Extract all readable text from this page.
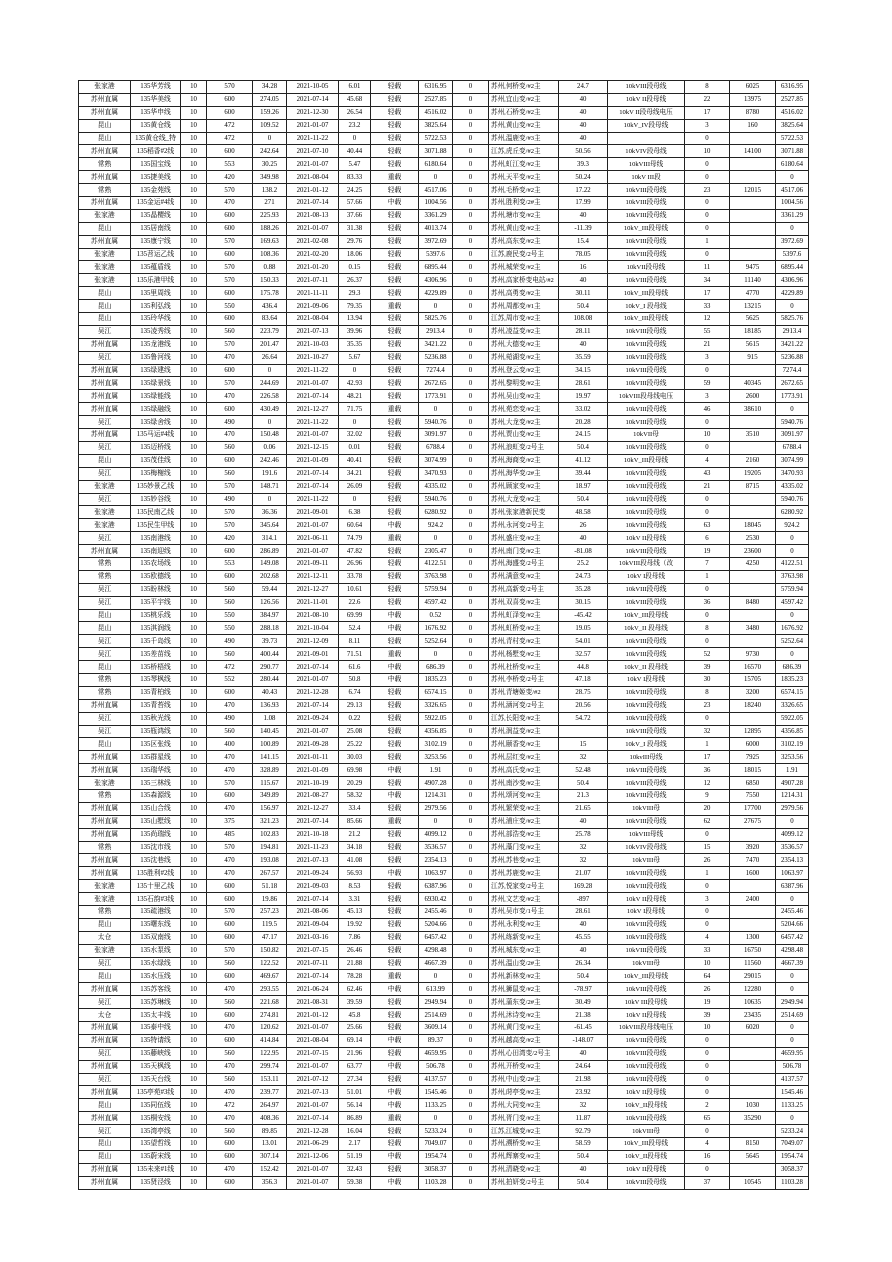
张家港	135华芳线	10	570	34.28	2021-10-05	6.01	轻载	6316.95	0	苏州,何桥变/#2主	24.7	10kVIII段母线	8	6025	6316.95
苏州直属	135华美线	10	600	274.05	2021-07-14	45.68	轻载	2527.85	0	苏州,宜山变/#2主	40	10kV II段母线	22	13975	2527.85
苏州直属	135华申线	10	600	159.26	2021-12-30	26.54	轻载	4516.02	0	苏州,石桥变/#2主	40	10kV II段母线电压	17	8780	4516.02
昆山	135黄仓线	10	472	109.52	2021-01-07	23.2	轻载	3825.64	0	苏州,黄山变/#2主	40	10kV_IV段母线	3	160	3825.64
昆山	135黄仓线_特	10	472	0	2021-11-22	0	轻载	5722.53	0	苏州,温鹿变/#3主	40		0		5722.53
苏州直属	135稻香#2线	10	600	242.64	2021-07-10	40.44	轻载	3071.88	0	江苏,虎丘变/#2主	50.56	10kVIV段母线	10	14100	3071.88
常熟	135国宝线	10	553	30.25	2021-01-07	5.47	轻载	6180.64	0	苏州,虹江变/#2主	39.3	10kVIII母线	0		6180.64
苏州直属	135捷美线	10	420	349.98	2021-08-04	83.33	重载	0	0	苏州,天平变/#2主	50.24	10kV III段	0		0
常熟	135金苑线	10	570	138.2	2021-01-12	24.25	轻载	4517.06	0	苏州,毛桥变/#2主	17.22	10kVIII段母线	23	12015	4517.06
苏州直属	135金运#4线	10	470	271	2021-07-14	57.66	中载	1004.56	0	苏州,胜利变/2#主	17.99	10kVIII段母线	0		1004.56
张家港	135晶樱线	10	600	225.93	2021-08-13	37.66	轻载	3361.29	0	苏州,塘市变/#2主	40	10kVIII段母线	0		3361.29
昆山	135居南线	10	600	188.26	2021-01-07	31.38	轻载	4013.74	0	苏州,黄山变/#2主	-11.39	10kV_III段母线	0		0
苏州直属	135康宁线	10	570	169.63	2021-02-08	29.76	轻载	3972.69	0	苏州,高东变/#2主	15.4	10kVIII段母线	1		3972.69
张家港	135苕运乙线	10	600	108.36	2021-02-20	18.06	轻载	5397.6	0	江苏,鹿民变/2号主	78.05	10kVIII段母线	0		5397.6
张家港	135蕴盾线	10	570	0.88	2021-01-20	0.15	轻载	6895.44	0	苏州,城荣变/#2主	16	10kVII段母线	11	9475	6895.44
张家港	135乐港甲线	10	570	150.33	2021-07-11	26.37	轻载	4306.96	0	苏州,高家桥变电站/#2	40	10kVIII段母线	34	11140	4306.96
昆山	135里周线	10	600	175.78	2021-11-11	29.3	轻载	4229.89	0	苏州,高勇变/#2主	30.11	10kV_III段母线	17	4770	4229.89
昆山	135利弘线	10	550	436.4	2021-09-06	79.35	重载	0	0	苏州,周都变/#1主	50.4	10kV_I 段母线	33	13215	0
昆山	135玲华线	10	600	83.64	2021-08-04	13.94	轻载	5825.76	0	江苏,周市变/#2主	108.08	10kV_III段母线	12	5625	5825.76
吴江	135凌秀线	10	560	223.79	2021-07-13	39.96	轻载	2913.4	0	苏州,凌益变/#2主	28.11	10kVIII段母线	55	18185	2913.4
苏州直属	135龙港线	10	570	201.47	2021-10-03	35.35	轻载	3421.22	0	苏州,大德变/#2主	40	10kVIII段母线	21	5615	3421.22
吴江	135鲁河线	10	470	26.64	2021-10-27	5.67	轻载	5236.88	0	苏州,菀湖变/#2主	35.59	10kVIII段母线	3	915	5236.88
苏州直属	135绿建线	10	600	0	2021-11-22	0	轻载	7274.4	0	苏州,登云变/#2主	34.15	10kVIII段母线	0		7274.4
苏州直属	135绿景线	10	570	244.69	2021-01-07	42.93	轻载	2672.65	0	苏州,黎明变/#2主	28.61	10kVIII段母线	59	40345	2672.65
苏州直属	135绿能线	10	470	226.58	2021-07-14	48.21	轻载	1773.91	0	苏州,吴山变/#2主	19.97	10kVIII段母线电压	3	2600	1773.91
苏州直属	135绿融线	10	600	430.49	2021-12-27	71.75	重载	0	0	苏州,苑恋变/#2主	33.02	10kVIII段母线	46	38610	0
吴江	135绿舍线	10	490	0	2021-11-22	0	轻载	5940.76	0	苏州,大龙变/#2主	20.28	10kVIII段母线	0		5940.76
苏州直属	135马运#4线	10	470	150.48	2021-01-07	32.02	轻载	3091.97	0	苏州,贾山变/#2主	24.15	10kVII母	10	3510	3091.97
吴江	135迈桥线	10	560	0.06	2021-12-15	0.01	轻载	6788.4	0	苏州,浪虹变/2号主	50.4	10kVIII段母线	0		6788.4
昆山	135茂佳线	10	600	242.46	2021-01-09	40.41	轻载	3074.99	0	苏州,海商变/#2主	41.12	10kV_III段母线	4	2160	3074.99
吴江	135梅榭线	10	560	191.6	2021-07-14	34.21	轻载	3470.93	0	苏州,海华变/2#主	39.44	10kVIII段母线	43	19205	3470.93
张家港	135妙景乙线	10	570	148.71	2021-07-14	26.09	轻载	4335.02	0	苏州,顾家变/#2主	18.97	10kVIII段母线	21	8715	4335.02
吴江	135妙谷线	10	490	0	2021-11-22	0	轻载	5940.76	0	苏州,大龙变/#2主	50.4	10kVIII段母线	0		5940.76
张家港	135民南乙线	10	570	36.36	2021-09-01	6.38	轻载	6280.92	0	苏州,张家港新民变	48.58	10kVIII段母线	0		6280.92
张家港	135民生甲线	10	570	345.64	2021-01-07	60.64	中载	924.2	0	苏州,永河变/2号主	26	10kVIII段母线	63	18045	924.2
吴江	135南港线	10	420	314.1	2021-06-11	74.79	重载	0	0	苏州,盛庄变/#2主	40	10kV II段母线	6	2530	0
苏州直属	135南迎线	10	600	286.89	2021-01-07	47.82	轻载	2305.47	0	苏州,南门变/#2主	-81.08	10kVIII段母线	19	23600	0
常熟	135农场线	10	553	149.08	2021-09-11	26.96	轻载	4122.51	0	苏州,海盛变/2号主	25.2	10kVIII段母线（改	7	4250	4122.51
常熟	135欧德线	10	600	202.68	2021-12-11	33.78	轻载	3763.98	0	苏州,满意变/#2主	24.73	10kV I段母线	1		3763.98
吴江	135盼林线	10	560	59.44	2021-12-27	10.61	轻载	5759.94	0	苏州,高新变/2号主	35.28	10kVIII段母线	0		5759.94
吴江	135平宇线	10	560	126.56	2021-11-01	22.6	轻载	4597.42	0	苏州,双喜变/#2主	30.15	10kVIII段母线	36	8480	4597.42
昆山	135桃乐线	10	550	384.97	2021-08-10	69.99	中载	0.52	0	苏州,虹泽变/#2主	-45.42	10kV_III段母线	0		0
昆山	135淇润线	10	550	288.18	2021-10-04	52.4	中载	1676.92	0	苏州,虹桥变/#2主	19.05	10kV_II 段母线	8	3480	1676.92
吴江	135千岛线	10	490	39.73	2021-12-09	8.11	轻载	5252.64	0	苏州,青村变/#2主	54.01	10kVIII段母线	0		5252.64
吴江	135差苗线	10	560	400.44	2021-09-01	71.51	重载	0	0	苏州,杨墅变/#2主	32.57	10kVIII段母线	52	9730	0
昆山	135桥梧线	10	472	290.77	2021-07-14	61.6	中载	686.39	0	苏州,杜桥变/#2主	44.8	10kV_II 段母线	39	16570	686.39
常熟	135琴枫线	10	552	280.44	2021-01-07	50.8	中载	1835.23	0	苏州,李桥变/2号主	47.18	10kV I段母线	30	15705	1835.23
常熟	135青柏线	10	600	40.43	2021-12-28	6.74	轻载	6574.15	0	苏州,青塘姬变/#2	28.75	10kVIII段母线	8	3200	6574.15
苏州直属	135青苔线	10	470	136.93	2021-07-14	29.13	轻载	3326.65	0	苏州,涵河变/2号主	20.56	10kVIII段母线	23	18240	3326.65
吴江	135秋光线	10	490	1.08	2021-09-24	0.22	轻载	5922.05	0	江苏,长阳变/#2主	54.72	10kVIII段母线	0		5922.05
吴江	135瓶鸿线	10	560	140.45	2021-01-07	25.08	轻载	4356.85	0	苏州,润益变/#2主		10kVIII段母线	32	12895	4356.85
昆山	135区张线	10	400	100.89	2021-09-28	25.22	轻载	3102.19	0	苏州,颐香变/#2主	15	10kV_I 段母线	1	6000	3102.19
苏州直属	135群星线	10	470	141.15	2021-01-11	30.03	轻载	3253.56	0	苏州,层红变/#2主	32	10kvIII母线	17	7925	3253.56
苏州直属	135瑞华线	10	470	328.89	2021-01-09	69.98	中载	1.91	0	苏州,高氏变/#2主	52.48	10kVIII段母线	36	18015	1.91
张家港	135三林线	10	570	115.67	2021-10-19	20.29	轻载	4907.28	0	苏州,南沙变/#2主	50.4	10kVIII段母线	12	6850	4907.28
常熟	135森源线	10	600	349.89	2021-08-27	58.32	中载	1214.31	0	苏州,颂河变/#2主	21.3	10kVIII段母线	9	7550	1214.31
苏州直属	135山合线	10	470	156.97	2021-12-27	33.4	轻载	2979.56	0	苏州,繁荣变/#2主	21.65	10kVIII母	20	17700	2979.56
苏州直属	135山墅线	10	375	321.23	2021-07-14	85.66	重载	0	0	苏州,浦庄变/#2主	40	10kVIII段母线	62	27675	0
苏州直属	135尚瑞线	10	485	102.83	2021-10-18	21.2	轻载	4099.12	0	苏州,部浩变/#2主	25.78	10kVIII母线	0		4099.12
常熟	135沈市线	10	570	194.81	2021-11-23	34.18	轻载	3536.57	0	苏州,藻门变/#2主	32	10kVIV段母线	15	3920	3536.57
苏州直属	135沈巷线	10	470	193.08	2021-07-13	41.08	轻载	2354.13	0	苏州,苏巷变/#2主	32	10kVIII母	26	7470	2354.13
苏州直属	135胜利#2线	10	470	267.57	2021-09-24	56.93	中载	1063.97	0	苏州,苏鹿变/#2主	21.07	10kVIII段母线	1	1600	1063.97
张家港	135十里乙线	10	600	51.18	2021-09-03	8.53	轻载	6387.96	0	江苏,悦家变/2号主	169.28	10kVIII段母线	0		6387.96
张家港	135石韵#3线	10	600	19.86	2021-07-14	3.31	轻载	6930.42	0	苏州,文艺变/#2主	-897	10kV II段母线	3	2400	0
常熟	135疏港线	10	570	257.23	2021-08-06	45.13	轻载	2455.46	0	苏州,吴市变/1号主	28.61	10kV I段母线	0		2455.46
昆山	135曙东线	10	600	119.5	2021-09-04	19.92	轻载	5204.66	0	苏州,永利变/#2主	40	10kVIII段母线	0		5204.66
太仓	135双南线	10	600	47.17	2021-03-16	7.86	轻载	6457.42	0	苏州,练新变/#2主	45.55	10kVIII段母线	4	1300	6457.42
张家港	135水泵线	10	570	150.82	2021-07-15	26.46	轻载	4298.48	0	苏州,城东变/#2主	40	10kVIII段母线	33	16750	4298.48
吴江	135水绿线	10	560	122.52	2021-07-11	21.88	轻载	4667.39	0	苏州,温山变/2#主	26.34	10kVIII母	10	11560	4667.39
昆山	135水压线	10	600	469.67	2021-07-14	78.28	重载	0	0	苏州,新林变/#2主	50.4	10kV_III段母线	64	29015	0
苏州直属	135苏客线	10	470	293.55	2021-06-24	62.46	中载	613.99	0	苏州,狮鼠变/#2主	-78.97	10kVIII段母线	26	12280	0
吴江	135苏琳线	10	560	221.68	2021-08-31	39.59	轻载	2949.94	0	苏州,蒲东变/2#主	30.49	10kV III段母线	19	10635	2949.94
太仓	135太丰线	10	600	274.81	2021-01-12	45.8	轻载	2514.69	0	苏州,沐诗变/#2主	21.38	10kV II段母线	39	23435	2514.69
苏州直属	135泰中线	10	470	120.62	2021-01-07	25.66	轻载	3609.14	0	苏州,黄门变/#2主	-61.45	10kVIII段母线电压	10	6020	0
苏州直属	135特请线	10	600	414.84	2021-08-04	69.14	中载	89.37	0	苏州,越高变/#2主	-148.07	10kVIII段母线	0		0
吴江	135藤峡线	10	560	122.95	2021-07-15	21.96	轻载	4659.95	0	苏州,心田湾变/2号主	40	10kVIII段母线	0		4659.95
苏州直属	135天枫线	10	470	299.74	2021-01-07	63.77	中载	506.78	0	苏州,开桥变/#2主	24.64	10kVIII段母线	0		506.78
吴江	135天台线	10	560	153.11	2021-07-12	27.34	轻载	4137.57	0	苏州,中山变/2#主	21.98	10kVIII段母线	0		4137.57
苏州直属	135亭苑#3线	10	470	239.77	2021-07-13	51.01	中载	1545.46	0	苏州,莳亭变/#2主	23.92	10kV II段母线	0		1545.46
昆山	135同伍线	10	472	264.97	2021-01-07	56.14	中载	1133.25	0	苏州,大同变/#2主	32	10kV_II段母线	2	1030	1133.25
苏州直属	135桐安线	10	470	408.36	2021-07-14	86.89	重载	0	0	苏州,胥门变/#2主	11.87	10kVIII段母线	65	35290	0
吴江	135湾亭线	10	560	89.85	2021-12-28	16.04	轻载	5233.24	0	江苏,江城变/#2主	92.79	10kVIII母	0		5233.24
昆山	135望哲线	10	600	13.01	2021-06-29	2.17	轻载	7049.07	0	苏州,溯桥变/#2主	58.59	10kV_III段母线	4	8150	7049.07
昆山	135蔚宋线	10	600	307.14	2021-12-06	51.19	中载	1954.74	0	苏州,辉寨变/#2主	50.4	10kV_II段母线	16	5645	1954.74
苏州直属	135未来#1线	10	470	152.42	2021-01-07	32.43	轻载	3058.37	0	苏州,清晓变/#2主	40	10kV II段母线	0		3058.37
苏州直属	135贤泾线	10	600	356.3	2021-01-07	59.38	中载	1103.28	0	苏州,拍妍变/2号主	50.4	10kVIII段母线	37	10545	1103.28
